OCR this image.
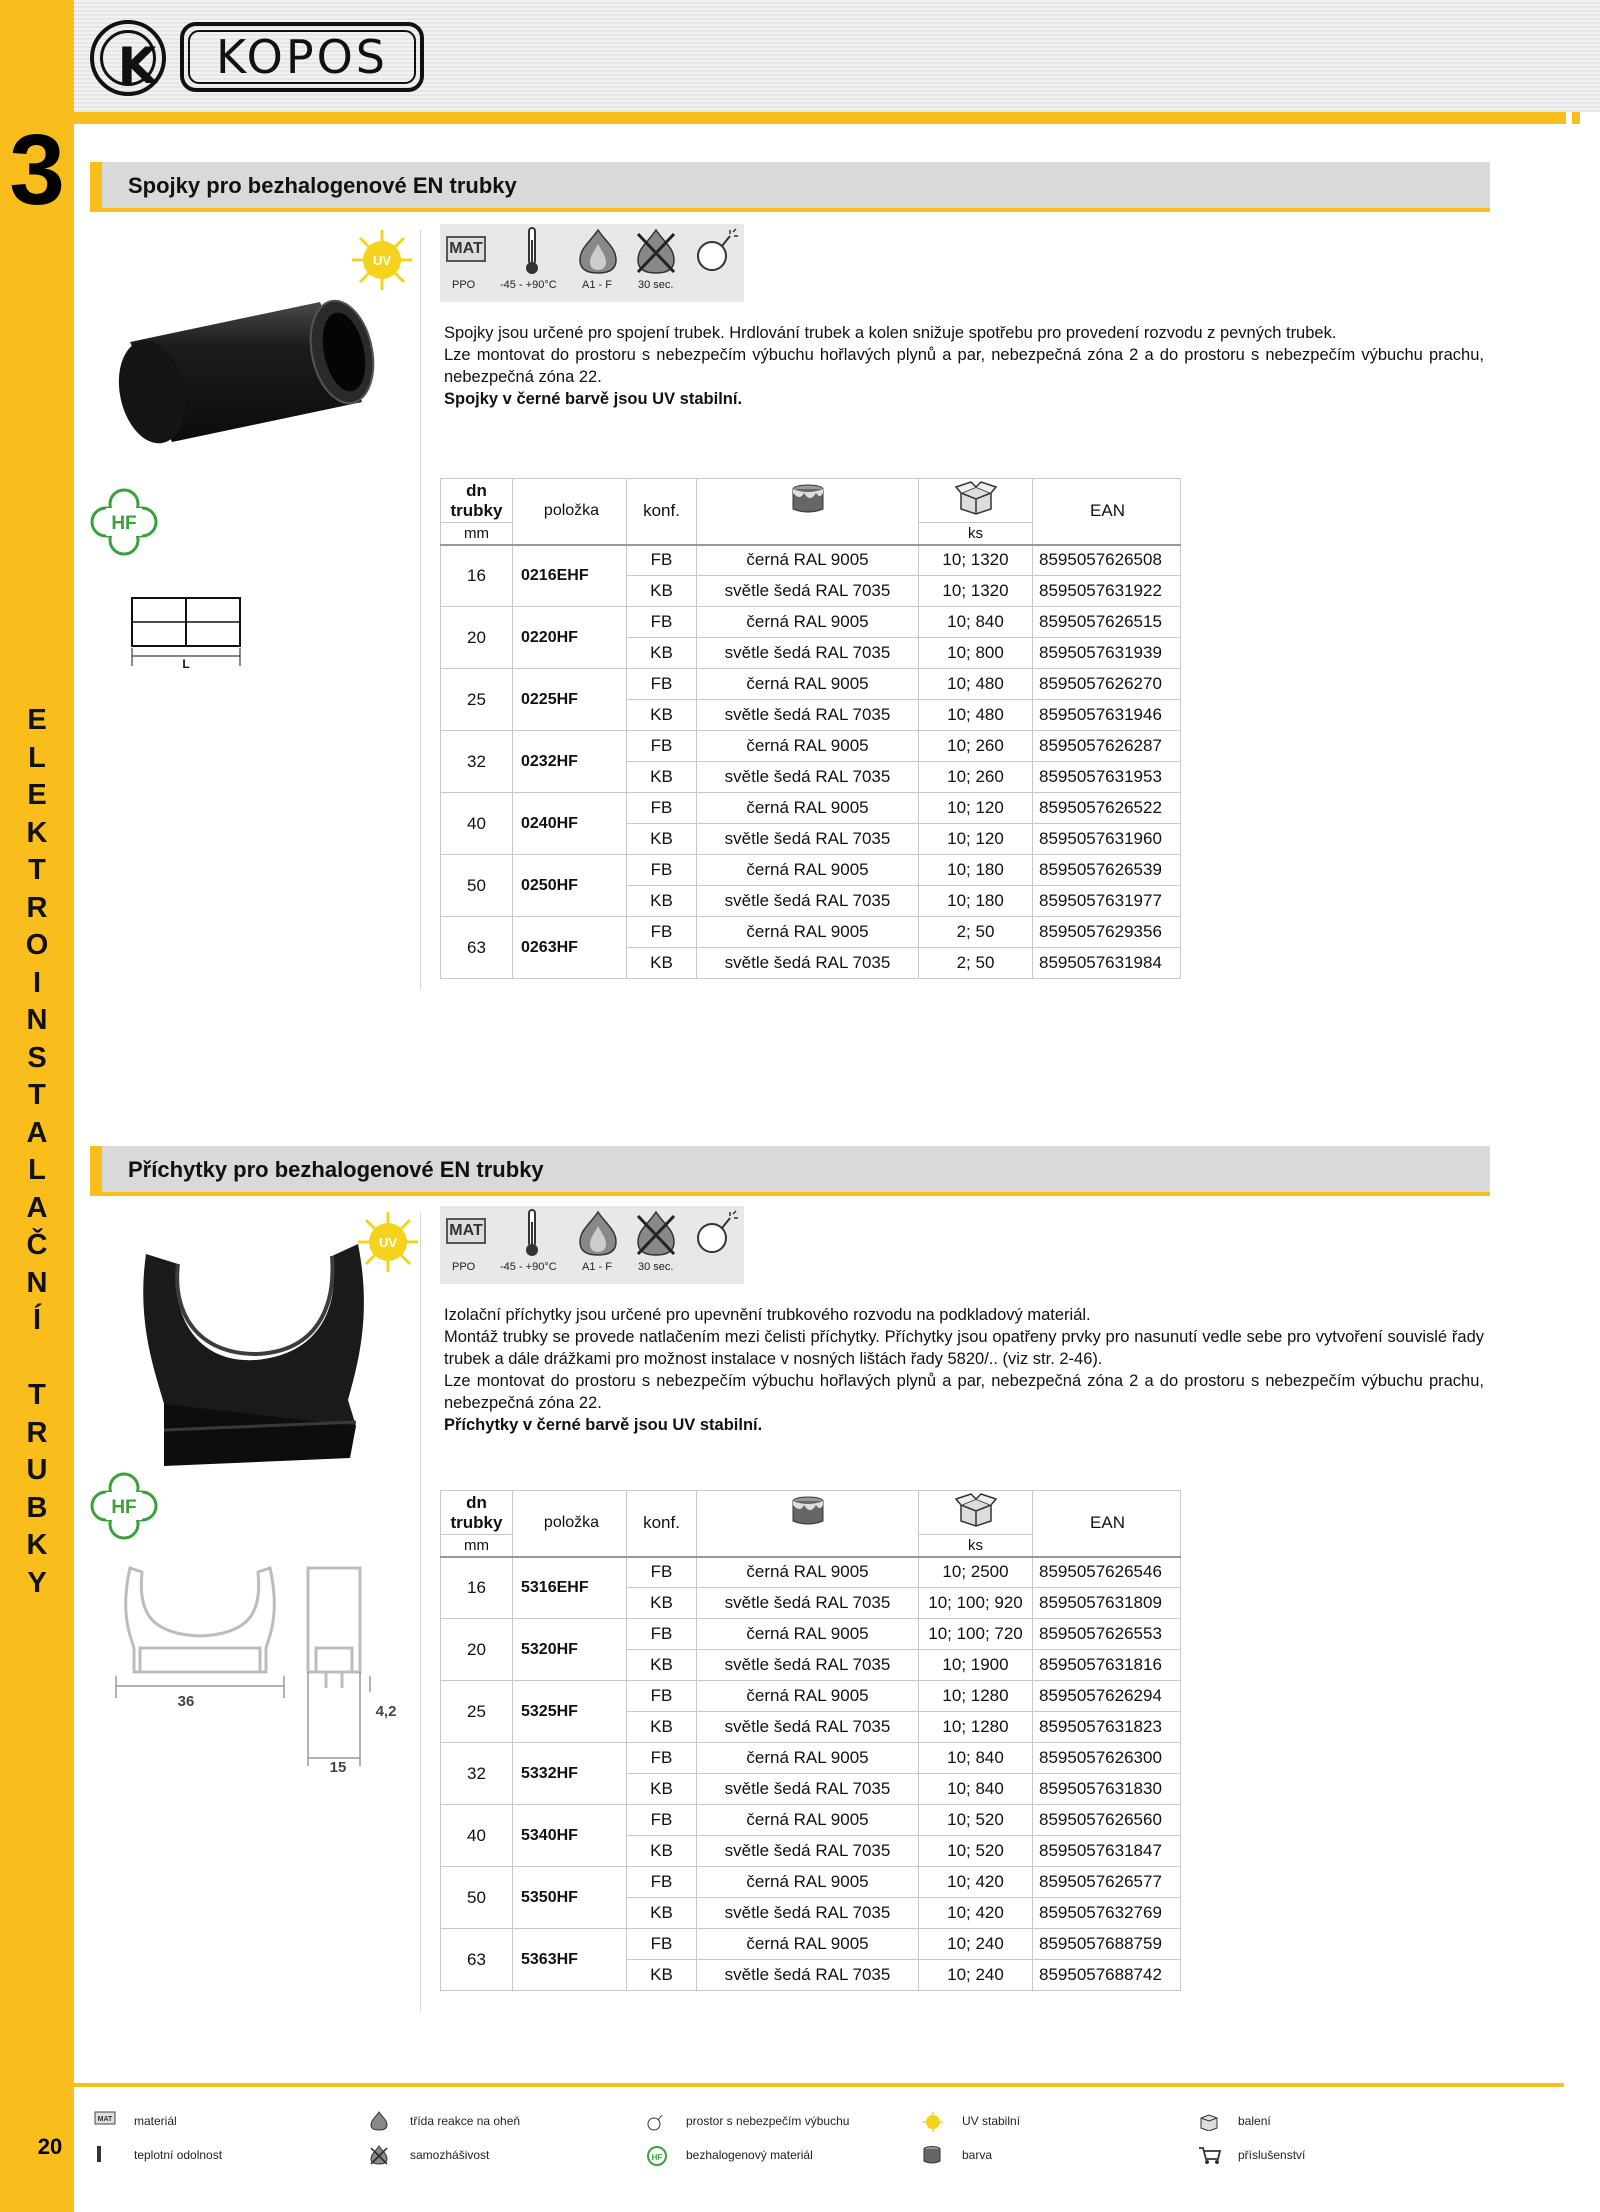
3
E
L
E
K
T
R
O
I
N
S
T
A
L
A
Č
N
Í
T
R
U
B
K
Y
20
K	KOPOS
Spojky pro bezhalogenové EN trubky
UV
MAT
PPO -45 - +90°C A1 - F 30 sec.
HF
L
Spojky jsou určené pro spojení trubek. Hrdlování trubek a kolen snižuje spotřebu pro provedení rozvodu z pevných trubek.
Lze montovat do prostoru s nebezpečím výbuchu hořlavých plynů a par, nebezpečná zóna 2 a do prostoru s nebezpečím výbuchu prachu, nebezpečná zóna 22.
Spojky v černé barvě jsou UV stabilní.
dn
trubky	položka	konf.			EAN
mm				ks	
16	0216EHF	FB	černá RAL 9005	10; 1320	8595057626508
		KB	světle šedá RAL 7035	10; 1320	8595057631922
20	0220HF	FB	černá RAL 9005	10; 840	8595057626515
		KB	světle šedá RAL 7035	10; 800	8595057631939
25	0225HF	FB	černá RAL 9005	10; 480	8595057626270
		KB	světle šedá RAL 7035	10; 480	8595057631946
32	0232HF	FB	černá RAL 9005	10; 260	8595057626287
		KB	světle šedá RAL 7035	10; 260	8595057631953
40	0240HF	FB	černá RAL 9005	10; 120	8595057626522
		KB	světle šedá RAL 7035	10; 120	8595057631960
50	0250HF	FB	černá RAL 9005	10; 180	8595057626539
		KB	světle šedá RAL 7035	10; 180	8595057631977
63	0263HF	FB	černá RAL 9005	2; 50	8595057629356
		KB	světle šedá RAL 7035	2; 50	8595057631984
Příchytky pro bezhalogenové EN trubky
UV
MAT
PPO -45 - +90°C A1 - F 30 sec.
HF
36
4,2
15
Izolační příchytky jsou určené pro upevnění trubkového rozvodu na podkladový materiál.
Montáž trubky se provede natlačením mezi čelisti příchytky. Příchytky jsou opatřeny prvky pro nasunutí vedle sebe pro vytvoření souvislé řady trubek a dále drážkami pro možnost instalace v nosných lištách řady 5820/.. (viz str. 2-46).
Lze montovat do prostoru s nebezpečím výbuchu hořlavých plynů a par, nebezpečná zóna 2 a do prostoru s nebezpečím výbuchu prachu, nebezpečná zóna 22.
Příchytky v černé barvě jsou UV stabilní.
dn
trubky	položka	konf.			EAN
mm				ks	
16	5316EHF	FB	černá RAL 9005	10; 2500	8595057626546
		KB	světle šedá RAL 7035	10; 100; 920	8595057631809
20	5320HF	FB	černá RAL 9005	10; 100; 720	8595057626553
		KB	světle šedá RAL 7035	10; 1900	8595057631816
25	5325HF	FB	černá RAL 9005	10; 1280	8595057626294
		KB	světle šedá RAL 7035	10; 1280	8595057631823
32	5332HF	FB	černá RAL 9005	10; 840	8595057626300
		KB	světle šedá RAL 7035	10; 840	8595057631830
40	5340HF	FB	černá RAL 9005	10; 520	8595057626560
		KB	světle šedá RAL 7035	10; 520	8595057631847
50	5350HF	FB	černá RAL 9005	10; 420	8595057626577
		KB	světle šedá RAL 7035	10; 420	8595057632769
63	5363HF	FB	černá RAL 9005	10; 240	8595057688759
		KB	světle šedá RAL 7035	10; 240	8595057688742
MAT materiál
teplotní odolnost
třída reakce na oheň
samozhášivost
prostor s nebezpečím výbuchu
HF bezhalogenový materiál
UV stabilní
barva
balení
příslušenství
